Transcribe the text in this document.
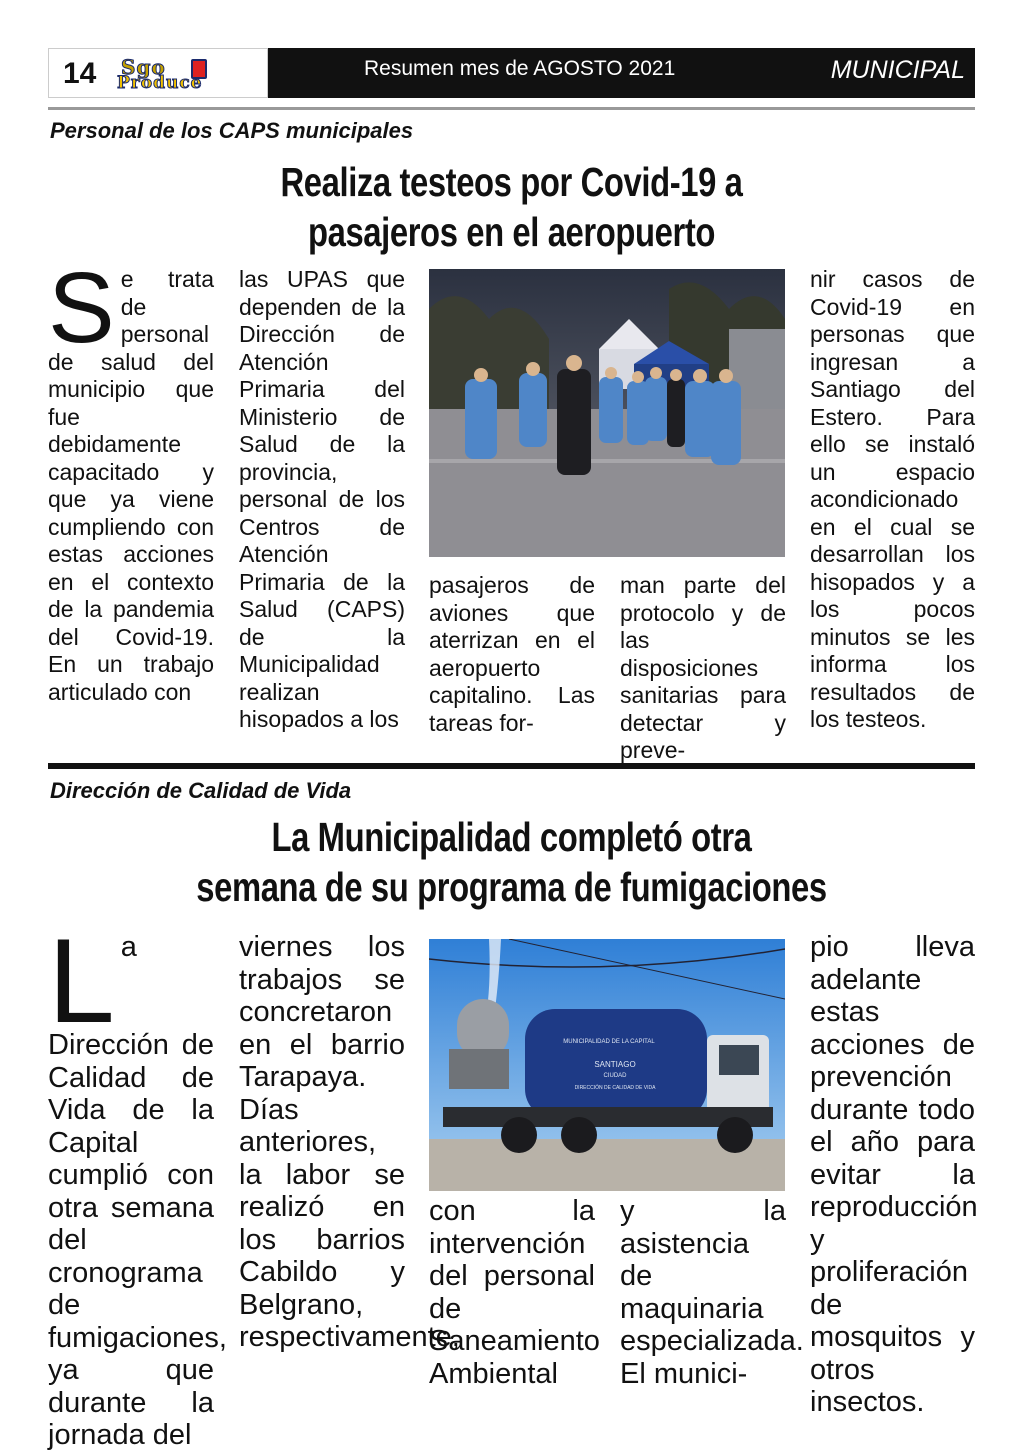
14 Sgo
Produce
Resumen mes de AGOSTO 2021	MUNICIPAL
Personal de los CAPS municipales
Realiza testeos por Covid-19 a
pasajeros en el aeropuerto
Se trata de personal de salud del municipio que fue debidamente capacitado y que ya viene cumpliendo con estas acciones en el contexto de la pandemia del Covid-19. En un trabajo articulado con
las UPAS que dependen de la Dirección de Atención Primaria del Ministerio de Salud de la provincia, personal de los Centros de Atención Primaria de la Salud (CAPS) de la Municipalidad realizan hisopados a los
pasajeros de aviones que aterrizan en el aeropuerto capitalino. Las tareas for-
man parte del protocolo y de las disposiciones sanitarias para detectar y preve-
nir casos de Covid-19 en personas que ingresan a Santiago del Estero. Para ello se instaló un espacio acondicionado en el cual se desarrollan los hisopados y a los pocos minutos se les informa los resultados de los testeos.
Dirección de Calidad de Vida
La Municipalidad completó otra
semana de su programa de fumigaciones
La Dirección de Calidad de Vida de la Capital cumplió con otra semana del cronograma de fumigaciones, ya que durante la jornada del
viernes los trabajos se concretaron en el barrio Tarapaya. Días anteriores, la labor se realizó en los barrios Cabildo y Belgrano, respectivamente,
MUNICIPALIDAD DE LA CAPITAL
SANTIAGO
CIUDAD
DIRECCIÓN DE CALIDAD DE VIDA
con la intervención del personal de Saneamiento Ambiental
y la asistencia de maquinaria especializada. El munici-
pio lleva adelante estas acciones de prevención durante todo el año para evitar la reproducción y proliferación de mosquitos y otros insectos.
